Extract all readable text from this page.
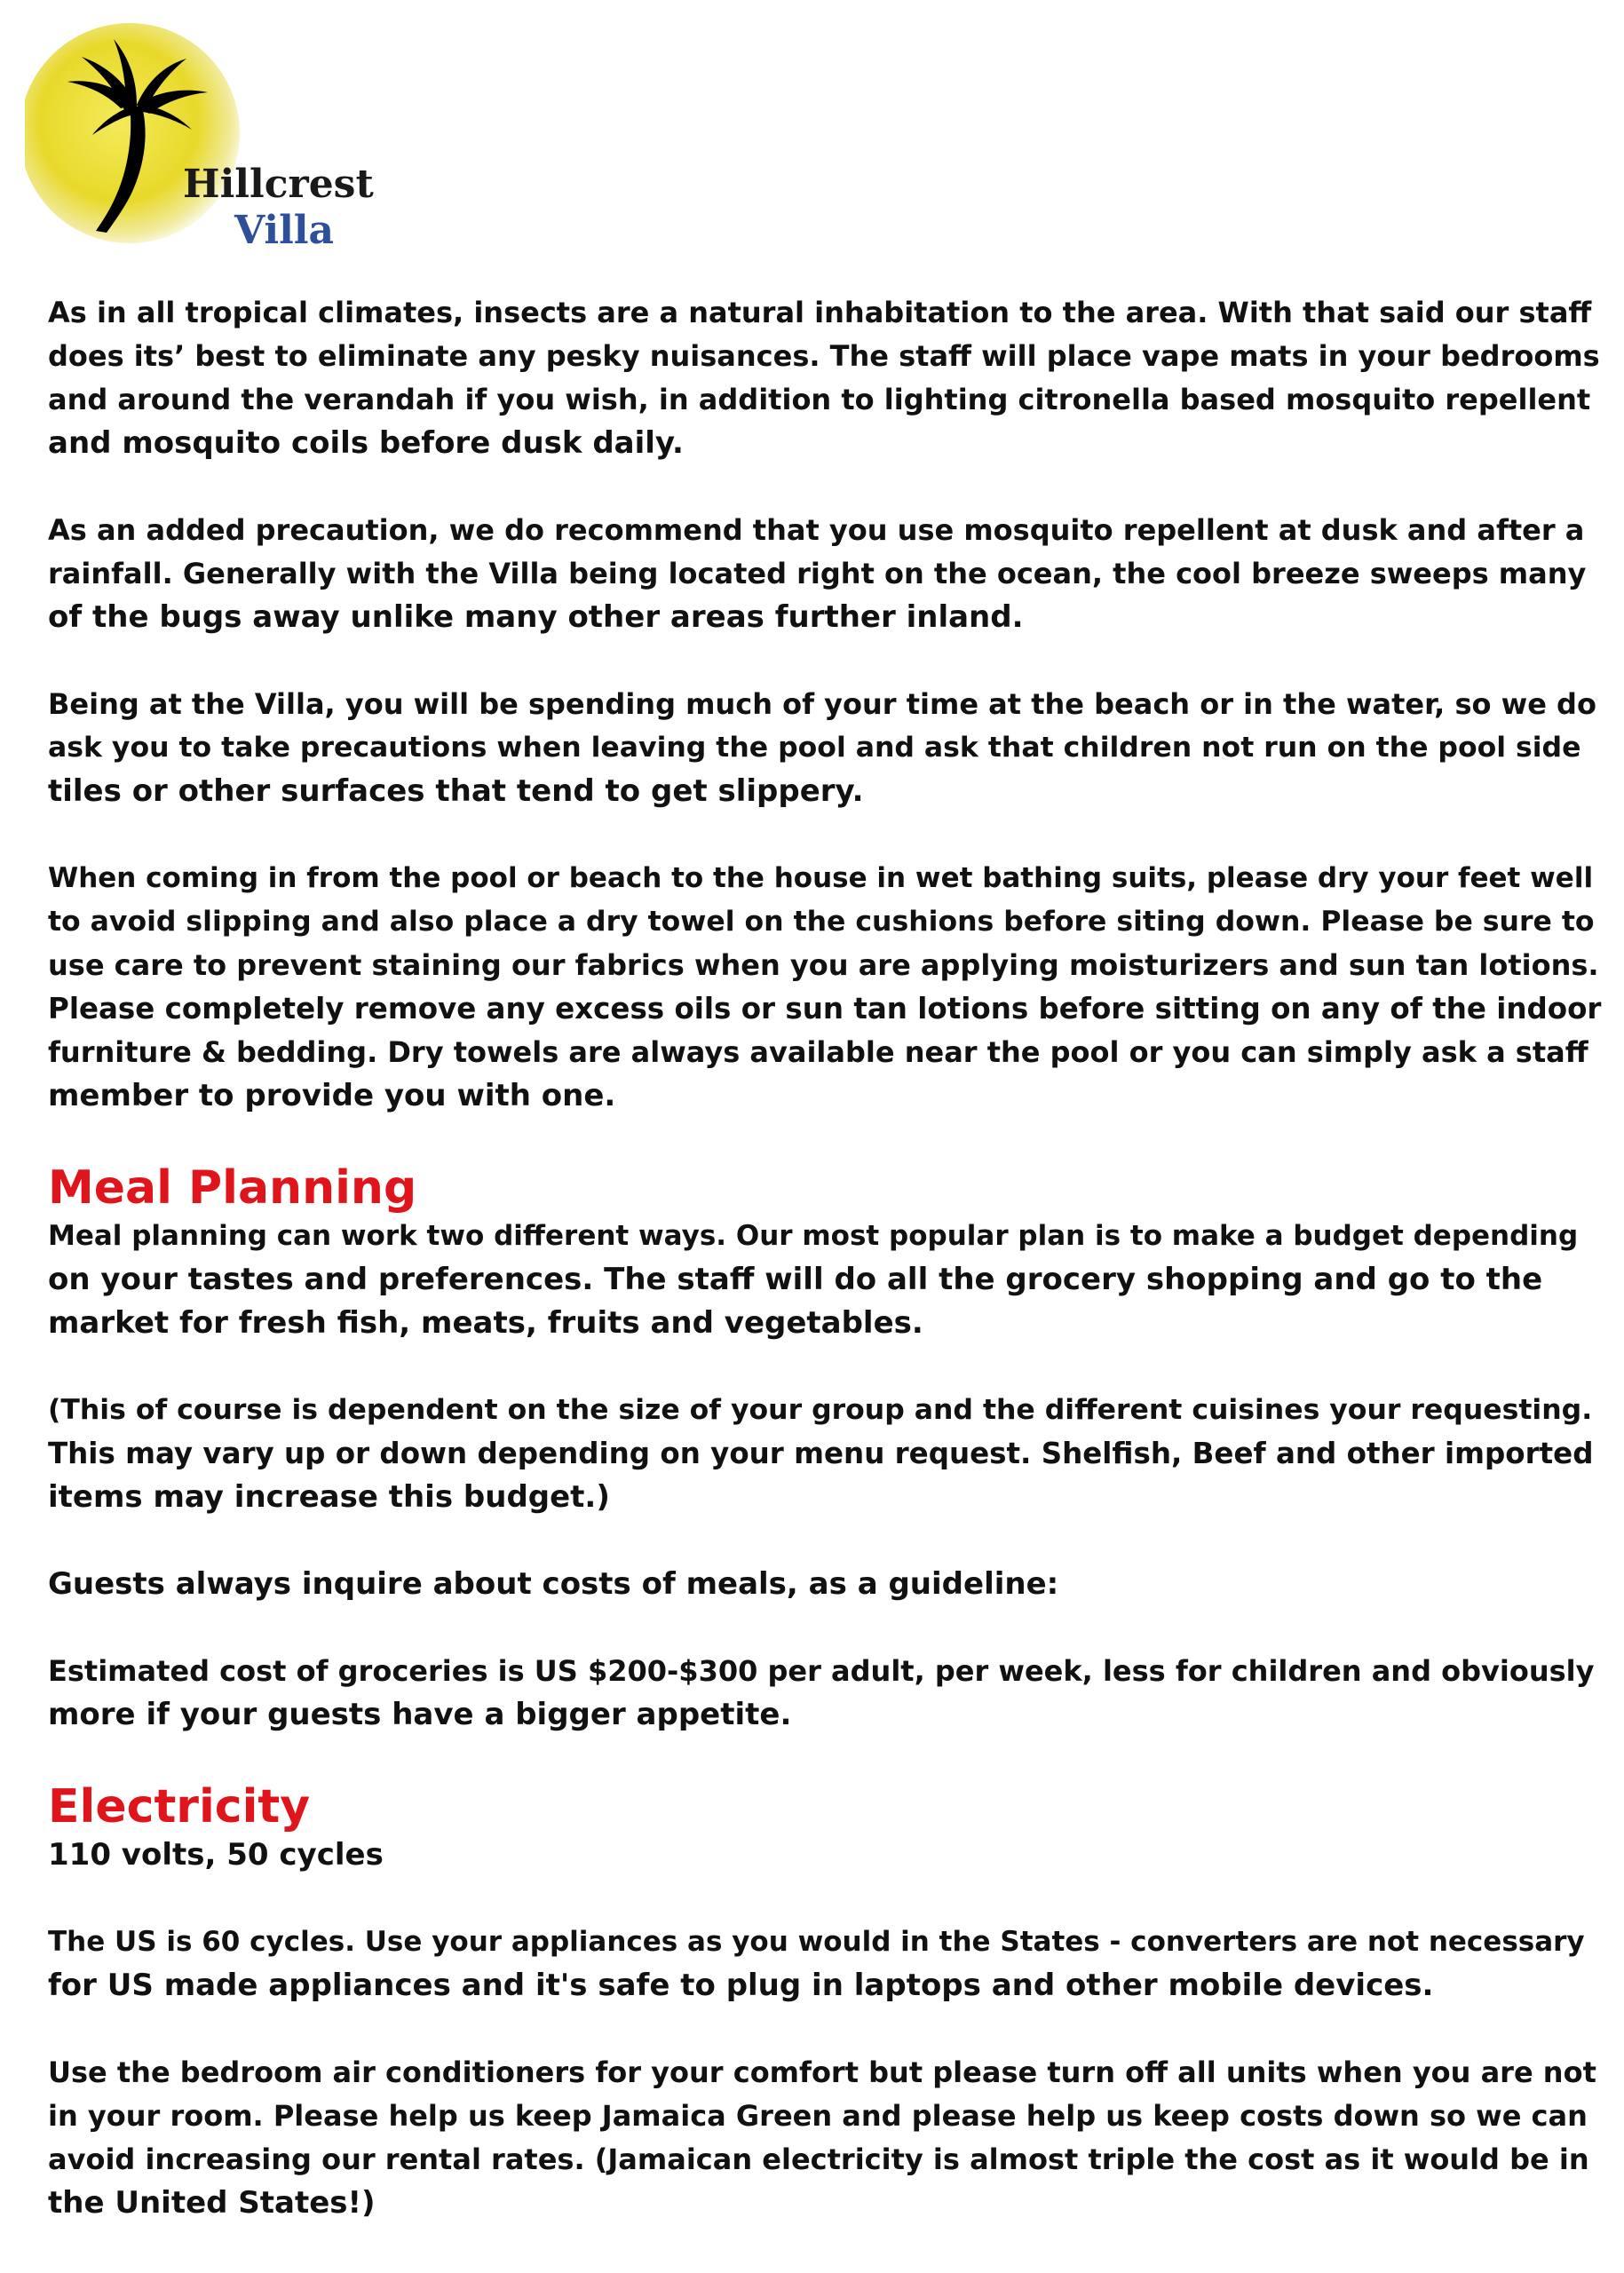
Hillcrest
Villa

As in all tropical climates, insects are a natural inhabitation to the area. With that said our staff
does its’ best to eliminate any pesky nuisances. The staff will place vape mats in your bedrooms
and around the verandah if you wish, in addition to lighting citronella based mosquito repellent
and mosquito coils before dusk daily.

As an added precaution, we do recommend that you use mosquito repellent at dusk and after a
rainfall. Generally with the Villa being located right on the ocean, the cool breeze sweeps many
of the bugs away unlike many other areas further inland.

Being at the Villa, you will be spending much of your time at the beach or in the water, so we do
ask you to take precautions when leaving the pool and ask that children not run on the pool side
tiles or other surfaces that tend to get slippery.

When coming in from the pool or beach to the house in wet bathing suits, please dry your feet well
to avoid slipping and also place a dry towel on the cushions before siting down. Please be sure to
use care to prevent staining our fabrics when you are applying moisturizers and sun tan lotions.
Please completely remove any excess oils or sun tan lotions before sitting on any of the indoor
furniture & bedding. Dry towels are always available near the pool or you can simply ask a staff
member to provide you with one.

Meal Planning

Meal planning can work two different ways. Our most popular plan is to make a budget depending
on your tastes and preferences. The staff will do all the grocery shopping and go to the
market for fresh fish, meats, fruits and vegetables.

(This of course is dependent on the size of your group and the different cuisines your requesting.
This may vary up or down depending on your menu request. Shelfish, Beef and other imported
items may increase this budget.)

Guests always inquire about costs of meals, as a guideline:

Estimated cost of groceries is US $200-$300 per adult, per week, less for children and obviously
more if your guests have a bigger appetite.

Electricity

110 volts, 50 cycles

The US is 60 cycles. Use your appliances as you would in the States - converters are not necessary
for US made appliances and it's safe to plug in laptops and other mobile devices.

Use the bedroom air conditioners for your comfort but please turn off all units when you are not
in your room. Please help us keep Jamaica Green and please help us keep costs down so we can
avoid increasing our rental rates. (Jamaican electricity is almost triple the cost as it would be in
the United States!)
